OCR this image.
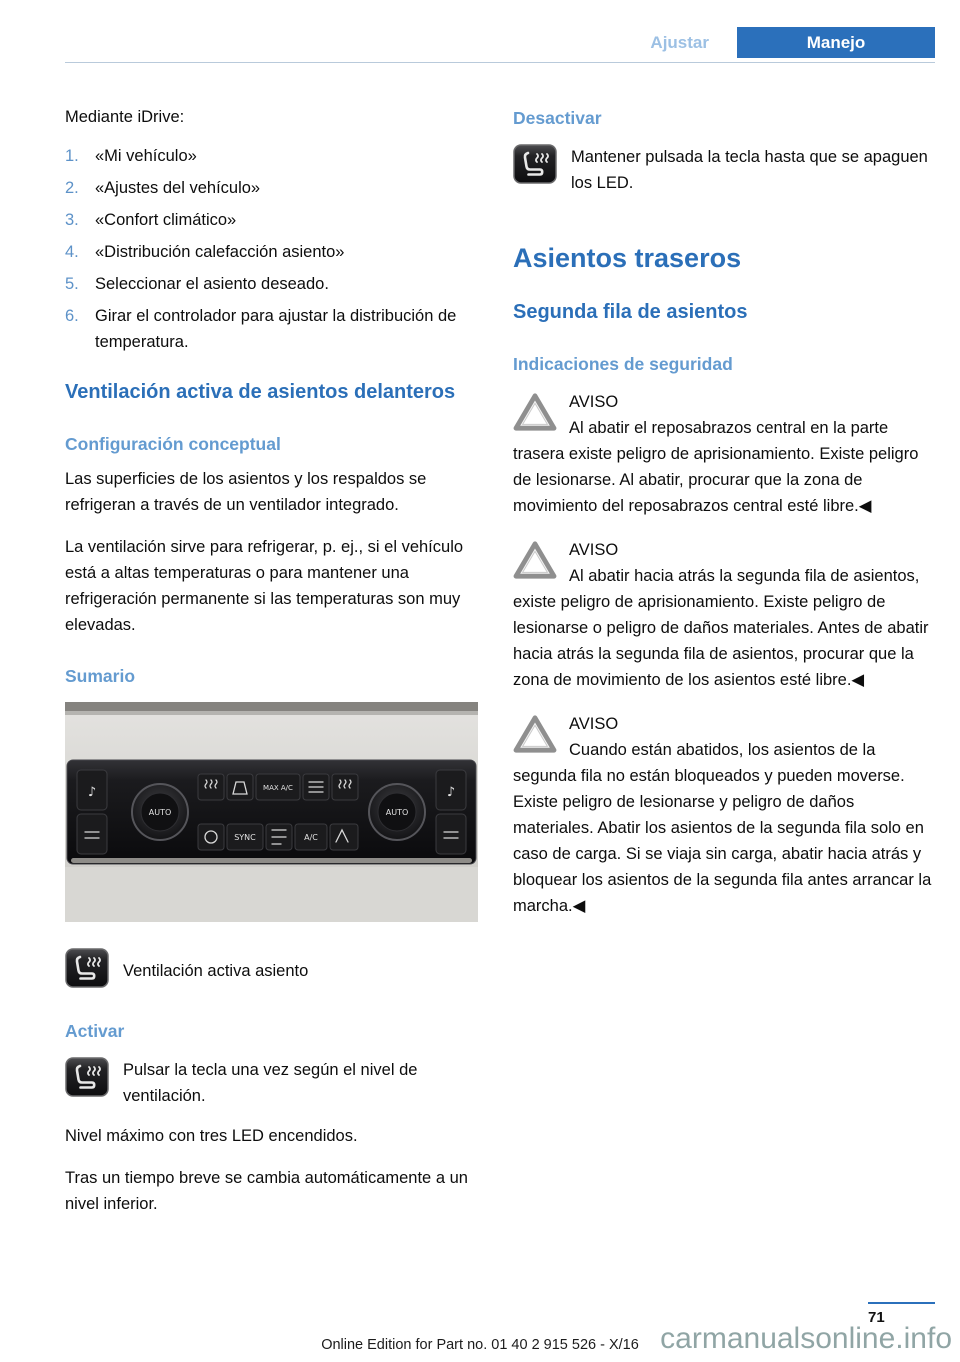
Ajustar	Manejo

Mediante iDrive:

1. «Mi vehículo»
2. «Ajustes del vehículo»
3. «Confort climático»
4. «Distribución calefacción asiento»
5. Seleccionar el asiento deseado.
6. Girar el controlador para ajustar la distribución de temperatura.
Ventilación activa de asientos delanteros
Configuración conceptual

Las superficies de los asientos y los respaldos se refrigeran a través de un ventilador integrado.

La ventilación sirve para refrigerar, p. ej., si el vehículo está a altas temperaturas o para mantener una refrigeración permanente si las temperaturas son muy elevadas.

Sumario
♪
AUTO
MAX A/C
SYNC	A/C
AUTO
♪
Ventilación activa asiento
Activar
Pulsar la tecla una vez según el nivel de ventilación.

Nivel máximo con tres LED encendidos.

Tras un tiempo breve se cambia automáticamente a un nivel inferior.

Desactivar
Mantener pulsada la tecla hasta que se apaguen los LED.
Asientos traseros
Segunda fila de asientos
Indicaciones de seguridad
AVISO

Al abatir el reposabrazos central en la parte trasera existe peligro de aprisionamiento. Existe peligro de lesionarse. Al abatir, procurar que la zona de movimiento del reposabrazos central esté libre.◀

AVISO

Al abatir hacia atrás la segunda fila de asientos, existe peligro de aprisionamiento. Existe peligro de lesionarse o peligro de daños materiales. Antes de abatir hacia atrás la segunda fila de asientos, procurar que la zona de movimiento de los asientos esté libre.◀

AVISO

Cuando están abatidos, los asientos de la segunda fila no están bloqueados y pueden moverse. Existe peligro de lesionarse y peligro de daños materiales. Abatir los asientos de la segunda fila solo en caso de carga. Si se viaja sin carga, abatir hacia atrás y bloquear los asientos de la segunda fila antes arrancar la marcha.◀

71
Online Edition for Part no. 01 40 2 915 526 - X/16 carmanualsonline.info
